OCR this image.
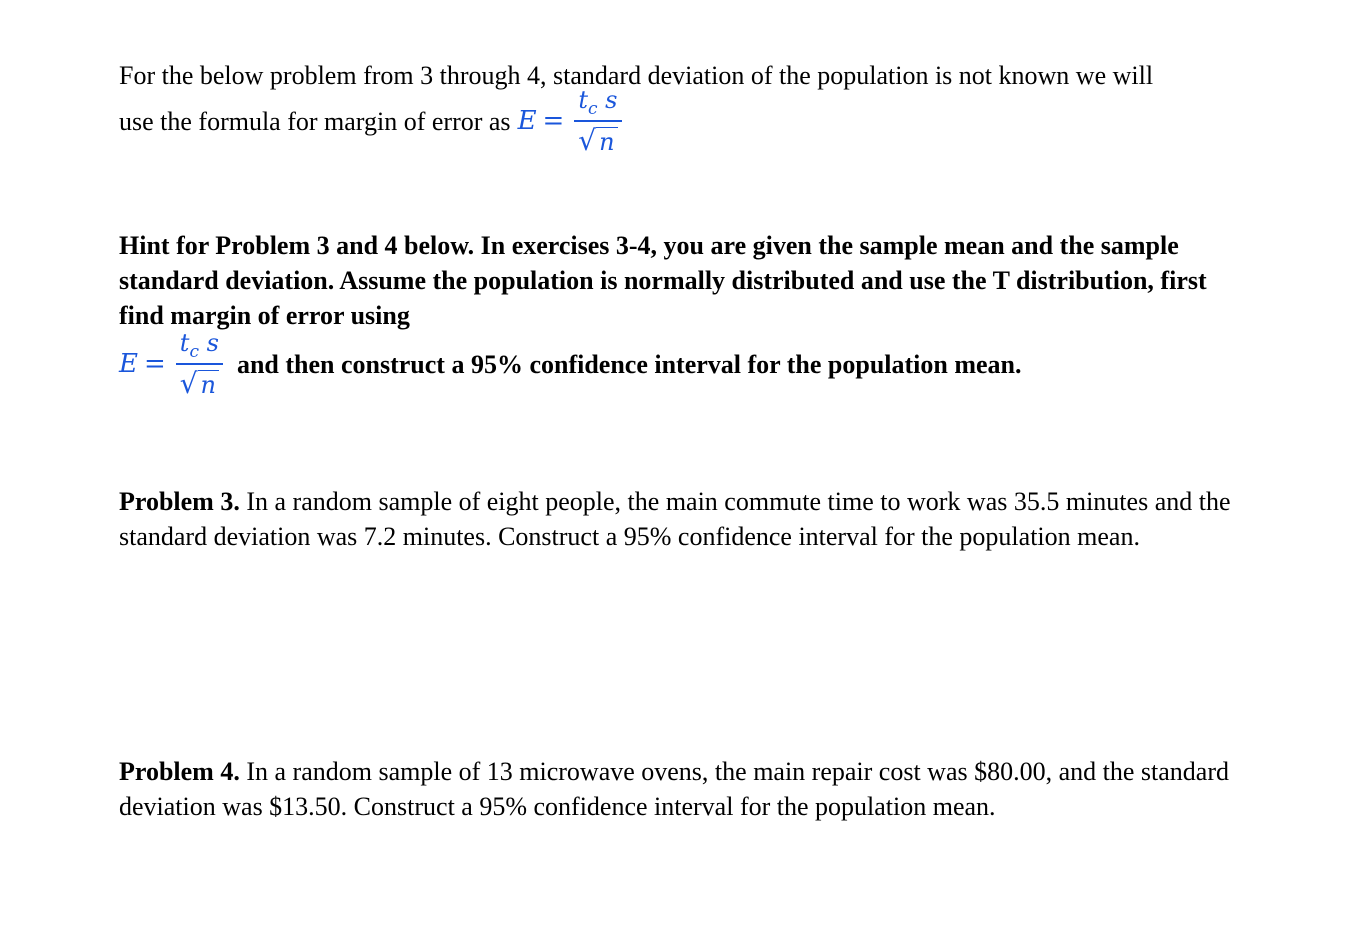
For the below problem from 3 through 4, standard deviation of the population is not known we will
use the formula for margin of error as $E = \frac{t_c s}{√ n}$
Hint for Problem 3 and 4 below. In exercises 3-4, you are given the sample mean and the sample standard deviation. Assume the population is normally distributed and use the T distribution, first find margin of error using
$E = \frac{t_c s}{√ n}$ and then construct a 95% confidence interval for the population mean.
Problem 3. In a random sample of eight people, the main commute time to work was 35.5 minutes and the standard deviation was 7.2 minutes. Construct a 95% confidence interval for the population mean.
Problem 4. In a random sample of 13 microwave ovens, the main repair cost was $80.00, and the standard deviation was $13.50. Construct a 95% confidence interval for the population mean.
